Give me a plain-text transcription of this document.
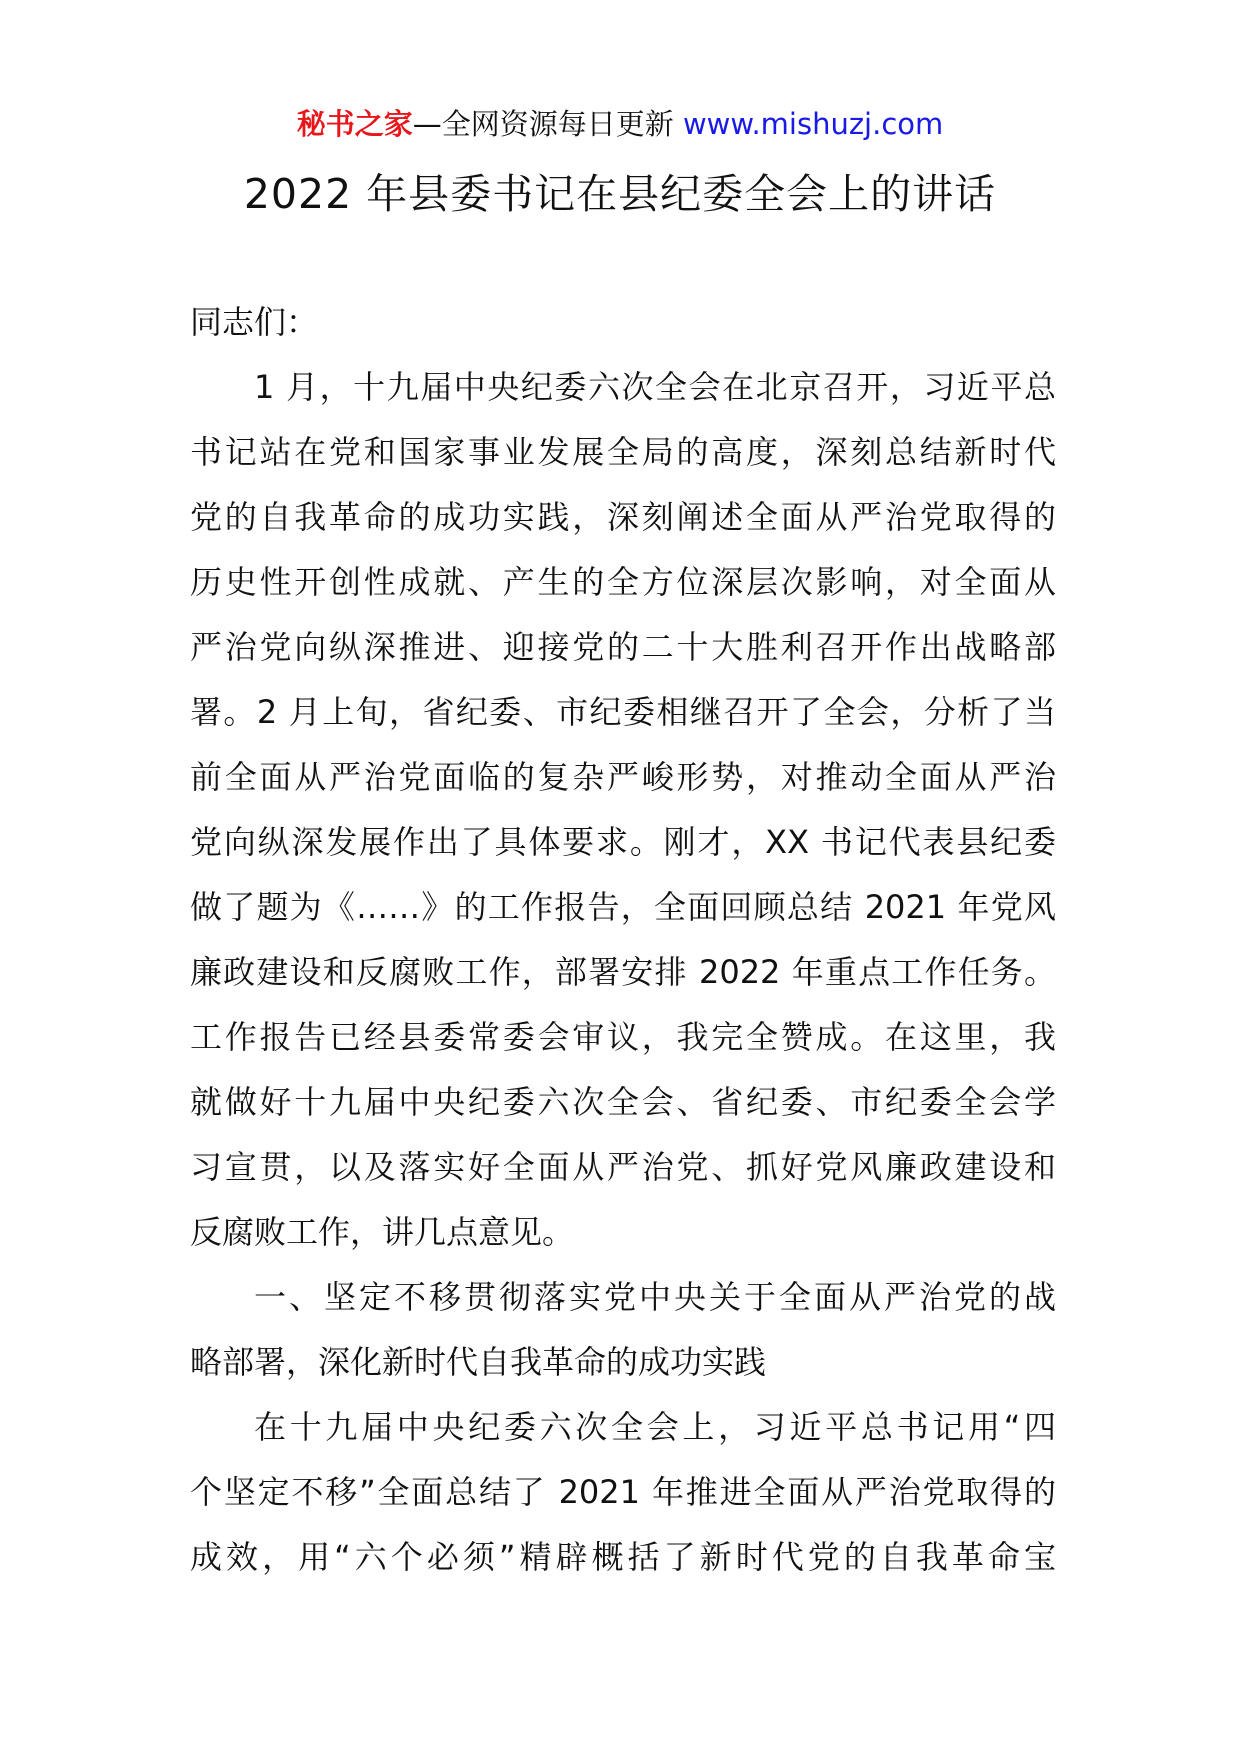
秘书之家—全网资源每日更新 www.mishuzj.com
2022 年县委书记在县纪委全会上的讲话
同志们：
1 月，十九届中央纪委六次全会在北京召开，习近平总
书记站在党和国家事业发展全局的高度，深刻总结新时代
党的自我革命的成功实践，深刻阐述全面从严治党取得的
历史性开创性成就、产生的全方位深层次影响，对全面从
严治党向纵深推进、迎接党的二十大胜利召开作出战略部
署。2 月上旬，省纪委、市纪委相继召开了全会，分析了当
前全面从严治党面临的复杂严峻形势，对推动全面从严治
党向纵深发展作出了具体要求。刚才，XX 书记代表县纪委
做了题为《……》的工作报告，全面回顾总结 2021 年党风
廉政建设和反腐败工作，部署安排 2022 年重点工作任务。
工作报告已经县委常委会审议，我完全赞成。在这里，我
就做好十九届中央纪委六次全会、省纪委、市纪委全会学
习宣贯，以及落实好全面从严治党、抓好党风廉政建设和
反腐败工作，讲几点意见。
一、坚定不移贯彻落实党中央关于全面从严治党的战
略部署，深化新时代自我革命的成功实践
在十九届中央纪委六次全会上，习近平总书记用“四
个坚定不移”全面总结了 2021 年推进全面从严治党取得的
成效，用“六个必须”精辟概括了新时代党的自我革命宝
